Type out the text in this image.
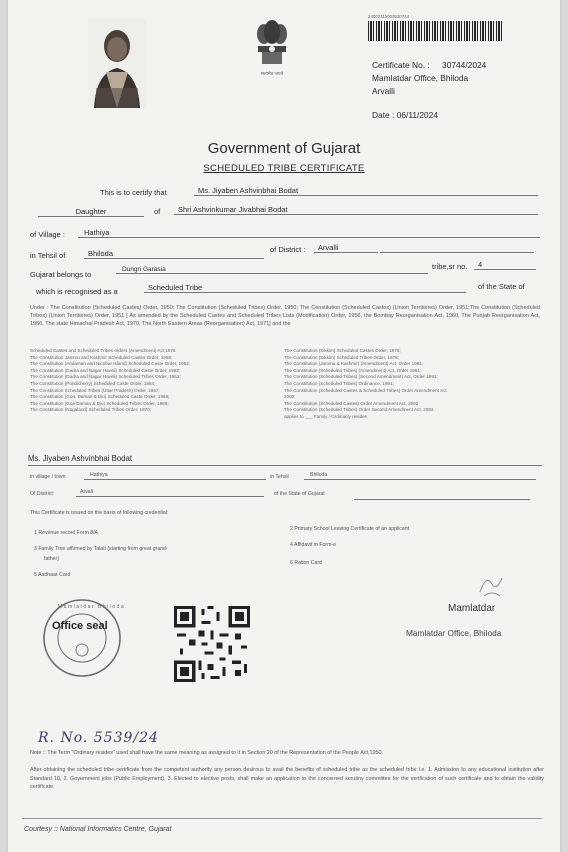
सत्यमेव जयते
24002115003530744
Certificate No. : 30744/2024
Mamlatdar Office, Bhiloda
Arvalli
Date : 06/11/2024
Government of Gujarat
SCHEDULED TRIBE CERTIFICATE
This is to certify that	Ms. Jiyaben Ashvinbhai Bodat
Daughter	of	Shri Ashvinkumar Jivabhai Bodat
of Village :	Hathiya
in Tehsil of	Bhiloda	of District :	Arvalli
Gujarat belongs to
Dungri Garasia	tribe,sr no.	4
which is recognised as a	Scheduled Tribe	of the State of
Under : The Constitution (Scheduled Castes) Order, 1950; The Constitution (Scheduled Tribes) Order, 1950; The Constitution (Scheduled Castes) (Union Territories) Order, 1951;The Constitution (Scheduled Tribes) (Union Territories) Order, 1951 [ As amended by the Scheduled Castes and Scheduled Tribes Lists (Modification) Order, 1956, the Bombay Reorganisation Act, 1960, The Punjab Reorganisation Act, 1966, The state Himachal Pradesh Act, 1970, The North Eastern Areas (Reorganisation) Act, 1971] and the
Scheduled Castes and Scheduled Tribes orders (Amendment) Act,1976
The Constitution Jammu and Kashmir Scheduled Castes Order, 1956;
The Constitution (Andaman and Nicobar Island) Scheduled Caste Order, 1962;
The Constitution (Dadra and Nagar Haveli) Scheduled Caste Order, 1962;
The Constitution (Dadra and Nagar Haveli) Scheduled Tribes Order, 1962;
The Constitution (Pondicherry) Scheduled Caste Order, 1964;
The Constitution Scheduled Tribes (Uttar Pradesh) Order, 1967;
The Constitution (Goa, Daman & Diu) Scheduled Caste Order, 1968;
The Constitution (Goa Daman & Diu) Scheduled Tribes Order, 1968;
The Constitution (Nagaland) Scheduled Tribes Order, 1970;
The Constitution (Sikkim) Scheduled Castes Order, 1978;
The Constitution (Sikkim) Scheduled Tribes Order, 1978;
The Constitution (Jammu & Kashmir) (Amendment) Act, Order 1991;
The Constitution (Scheduled Tribes) (Amendment) Act, Order 1991;
The Constitution (Scheduled Tribes) (Second Amendment) Act, Order 1991;
The Constitution (Scheduled Tribes) Ordinance, 1991;
The Constitution (Scheduled Castes & Scheduled Tribes) Order Amendment Act
2002;
The Constitution (Scheduled Castes) Order Amendment Act, 2002
The Constitution (Scheduled Tribes) Order Second Amendment Act, 2002
applies to ___ Family / Ordinarily resides
Ms. Jiyaben Ashvinbhai Bodat
in village / town	Hathiya	in Tehsil	Bhiloda
Of District	Arvali	of the State of Gujarat
This Certificate is issued on the basis of following credential:
1 Revenue record Form 8/A
2 Primary School Leaving Certificate of an applicant
3 Family Tree affirmed by Talati (starting from great grand-
father)
4 Affidavit in Form-e
5 Aadhaar Card
6 Ration Card
Office seal
Mamlatdar Bhiloda	Mamlatdar
Mamlatdar Office, Bhiloda
R. No. 5539/24
Note :: The Term "Ordinary resides" used shall have the same meaning as assigned to it in Section 20 of the Representation of the People Act,1950.
After obtaining the scheduled tribe certificate from the competent authority any person desirous to avail the benefits of scheduled tribe as the scheduled tribe i.e. 1. Admission to any educational institution after Standard 10, 2. Government jobs (Public Employment), 3. Elected to elective posts, shall make an application to the concerned scrutiny committee for the verification of such certificate and to obtain the validity certificate.
Courtesy :: National Informatics Centre, Gujarat
